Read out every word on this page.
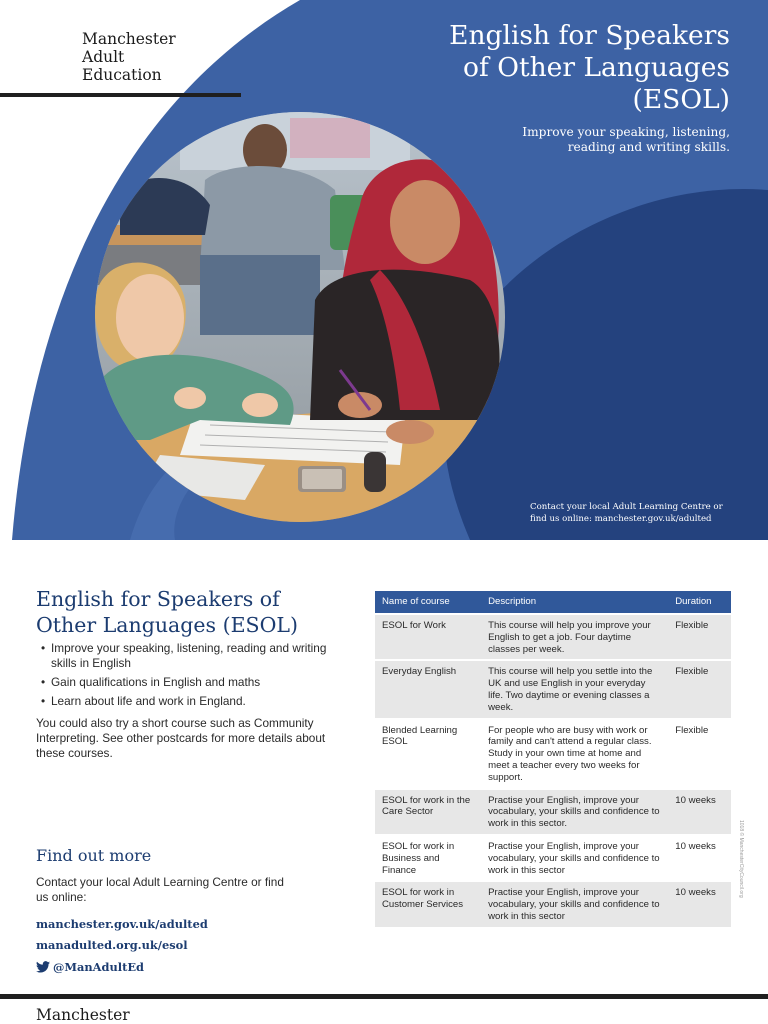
Manchester
Adult
Education
English for Speakers
of Other Languages
(ESOL)
Improve your speaking, listening,
reading and writing skills.
Contact your local Adult Learning Centre or
find us online: manchester.gov.uk/adulted
English for Speakers of
Other Languages (ESOL)
• Improve your speaking, listening, reading and writing skills in English
• Gain qualifications in English and maths
• Learn about life and work in England.
You could also try a short course such as Community Interpreting. See other postcards for more details about these courses.
Find out more
Contact your local Adult Learning Centre or find us online:
manchester.gov.uk/adulted
manadulted.org.uk/esol
@ManAdultEd
Name of course	Description	Duration
ESOL for Work	This course will help you improve your English to get a job. Four daytime classes per week.	Flexible
Everyday English	This course will help you settle into the UK and use English in your everyday life. Two daytime or evening classes a week.	Flexible
Blended Learning ESOL	For people who are busy with work or family and can't attend a regular class. Study in your own time at home and meet a teacher every two weeks for support.	Flexible
ESOL for work in the Care Sector	Practise your English, improve your vocabulary, your skills and confidence to work in this sector.	10 weeks
ESOL for work in Business and Finance	Practise your English, improve your vocabulary, your skills and confidence to work in this sector	10 weeks
ESOL for work in Customer Services	Practise your English, improve your vocabulary, your skills and confidence to work in this sector	10 weeks	1018 © ManchesterCityCouncil.org
Manchester
